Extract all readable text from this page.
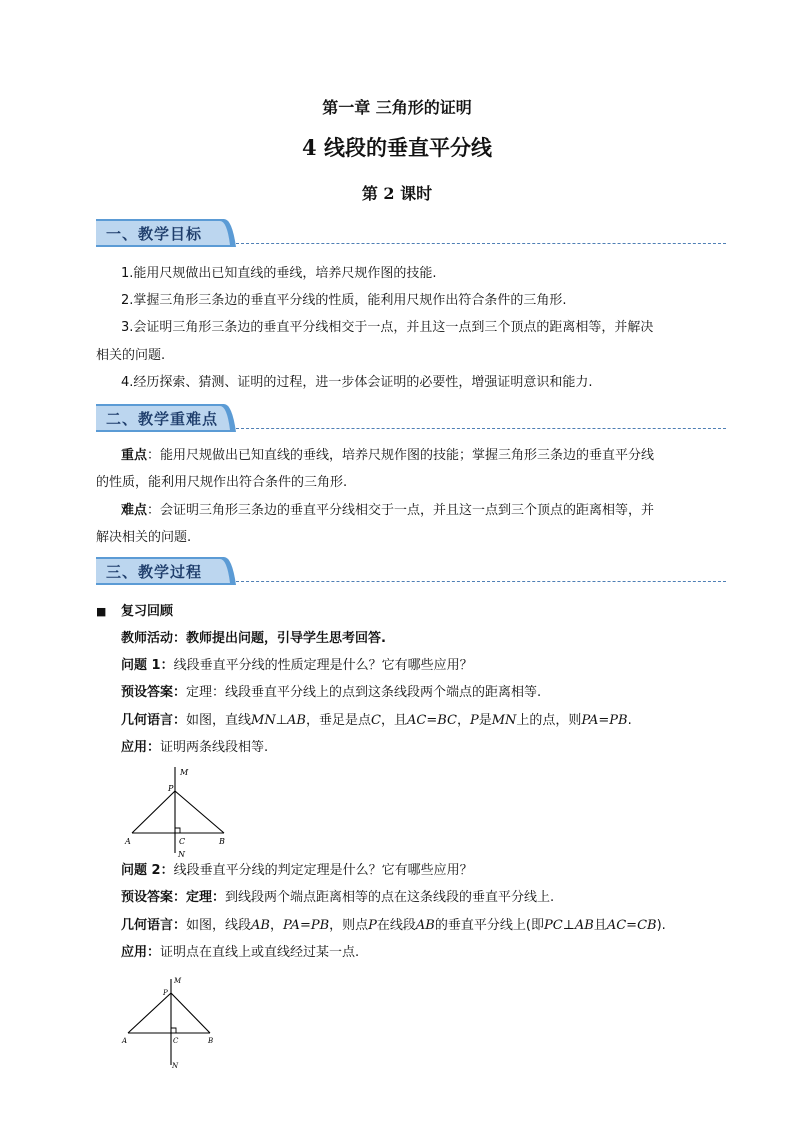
第一章 三角形的证明
4 线段的垂直平分线
第 2 课时
一、教学目标
1.能用尺规做出已知直线的垂线，培养尺规作图的技能.
2.掌握三角形三条边的垂直平分线的性质，能利用尺规作出符合条件的三角形.
3.会证明三角形三条边的垂直平分线相交于一点，并且这一点到三个顶点的距离相等，并解决
相关的问题.
4.经历探索、猜测、证明的过程，进一步体会证明的必要性，增强证明意识和能力.
二、教学重难点
重点：能用尺规做出已知直线的垂线，培养尺规作图的技能；掌握三角形三条边的垂直平分线
的性质，能利用尺规作出符合条件的三角形.
难点：会证明三角形三条边的垂直平分线相交于一点，并且这一点到三个顶点的距离相等，并
解决相关的问题.
三、教学过程
■ 复习回顾
教师活动：教师提出问题，引导学生思考回答.
问题 1：线段垂直平分线的性质定理是什么？它有哪些应用？
预设答案：定理：线段垂直平分线上的点到这条线段两个端点的距离相等.
几何语言：如图，直线MN⊥AB，垂足是点C，且AC=BC，P是MN上的点，则PA=PB.
应用：证明两条线段相等.
M
P
A	B
C
N
问题 2：线段垂直平分线的判定定理是什么？它有哪些应用？
预设答案：定理：到线段两个端点距离相等的点在这条线段的垂直平分线上.
几何语言：如图，线段AB，PA=PB，则点P在线段AB的垂直平分线上(即PC⊥AB且AC=CB).
应用：证明点在直线上或直线经过某一点.
M
P
A	B
C
N
